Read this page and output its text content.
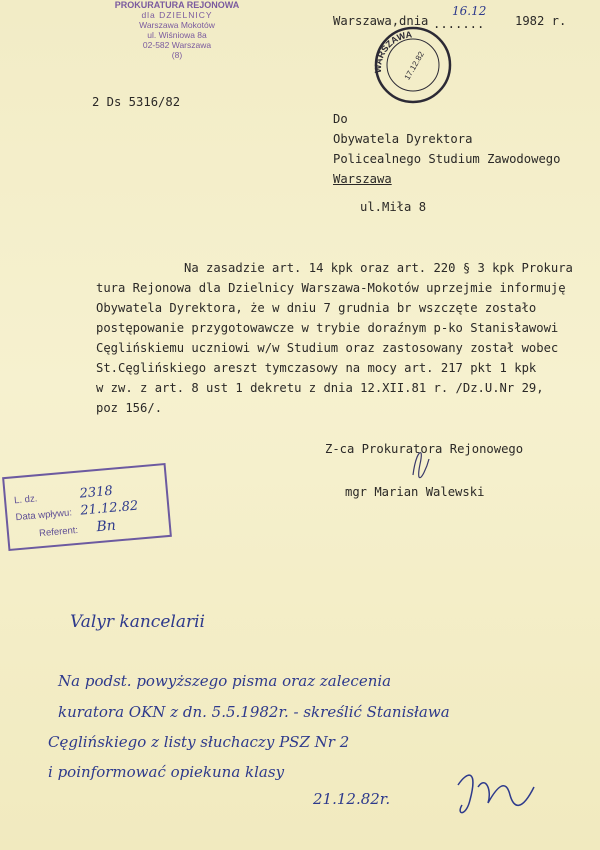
PROKURATURA REJONOWA
dla DZIELNICY
Warszawa Mokotów
ul. Wiśniowa 8a
02-582 Warszawa
(8)
WARSZAWA
17.12.82
Warszawa,dnia .......
16.12
1982 r.
2 Ds 5316/82
Do
Obywatela Dyrektora
Policealnego Studium Zawodowego
Warszawa
ul.Miła 8
Na zasadzie art. 14 kpk oraz art. 220 § 3 kpk Prokura
tura Rejonowa dla Dzielnicy Warszawa-Mokotów uprzejmie informuję
Obywatela Dyrektora, że w dniu 7 grudnia br wszczęte zostało
postępowanie przygotowawcze w trybie doraźnym p-ko Stanisławowi
Cęglińskiemu uczniowi w/w Studium oraz zastosowany został wobec
St.Cęglińskiego areszt tymczasowy na mocy art. 217 pkt 1 kpk
w zw. z art. 8 ust 1 dekretu z dnia 12.XII.81 r. /Dz.U.Nr 29,
poz 156/.
Z-ca Prokuratora Rejonowego
mgr Marian Walewski
L. dz.	2318
Data wpływu: 21.12.82
Referent: Bn
Valyr kancelarii
Na podst. powyższego pisma oraz zalecenia
kuratora OKN z dn. 5.5.1982r. - skreślić Stanisława
Cęglińskiego z listy słuchaczy PSZ Nr 2
i poinformować opiekuna klasy
21.12.82r.
